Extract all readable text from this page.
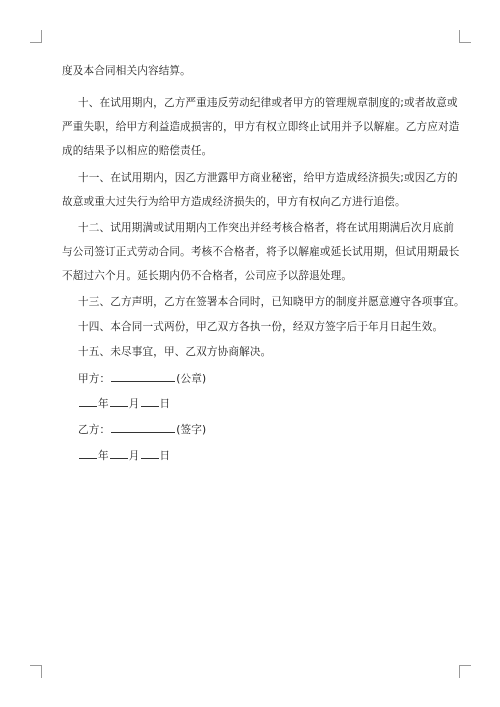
度及本合同相关内容结算。
十、在试用期内，乙方严重违反劳动纪律或者甲方的管理规章制度的;或者故意或
严重失职，给甲方利益造成损害的，甲方有权立即终止试用并予以解雇。乙方应对造
成的结果予以相应的赔偿责任。
十一、在试用期内，因乙方泄露甲方商业秘密，给甲方造成经济损失;或因乙方的
故意或重大过失行为给甲方造成经济损失的，甲方有权向乙方进行追偿。
十二、试用期满或试用期内工作突出并经考核合格者，将在试用期满后次月底前
与公司签订正式劳动合同。考核不合格者，将予以解雇或延长试用期，但试用期最长
不超过六个月。延长期内仍不合格者，公司应予以辞退处理。
十三、乙方声明，乙方在签署本合同时，已知晓甲方的制度并愿意遵守各项事宜。
十四、本合同一式两份，甲乙双方各执一份，经双方签字后于年月日起生效。
十五、未尽事宜，甲、乙双方协商解决。
甲方：	(公章)
年 月 日
乙方：	(签字)
年 月 日
